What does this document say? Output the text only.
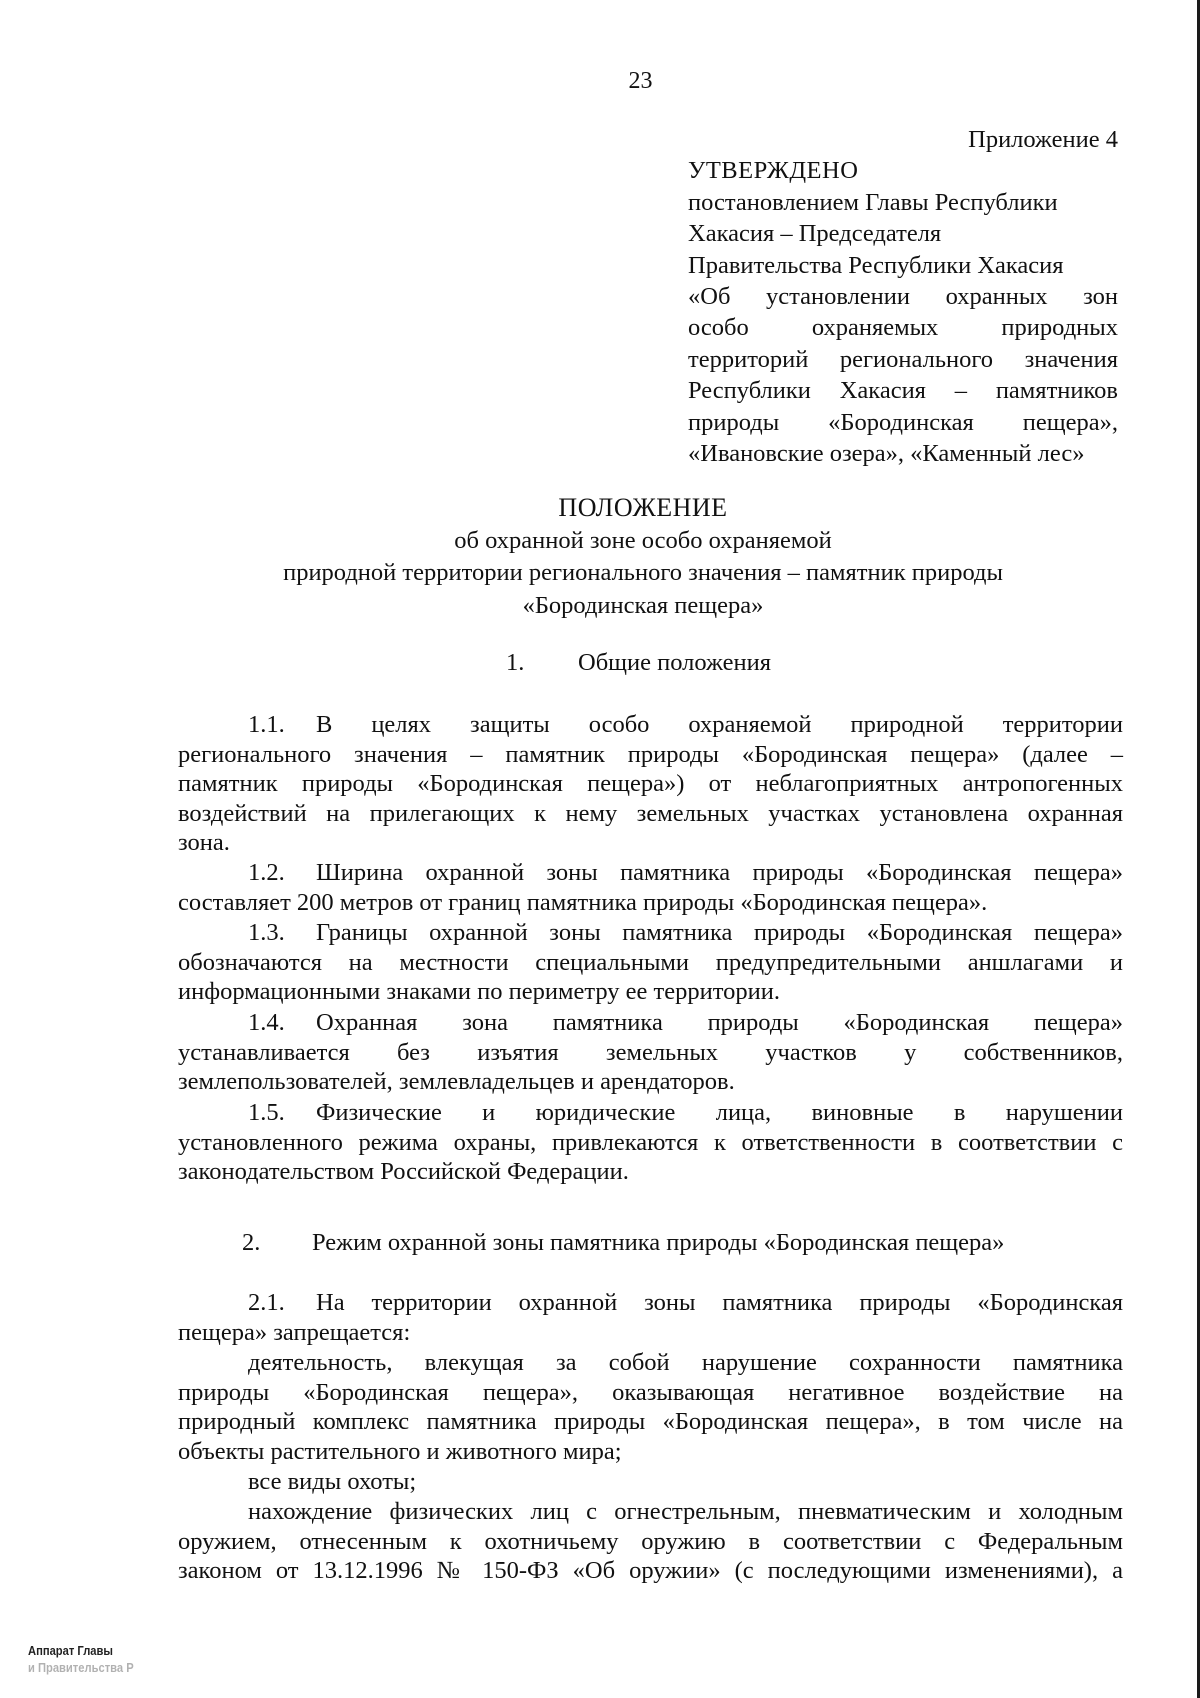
23
Приложение 4
УТВЕРЖДЕНО
постановлением Главы Республики
Хакасия – Председателя
Правительства Республики Хакасия
«Об установлении охранных зон
особо охраняемых природных
территорий регионального значения
Республики Хакасия – памятников
природы «Бородинская пещера»,
«Ивановские озера», «Каменный лес»
ПОЛОЖЕНИЕ
об охранной зоне особо охраняемой
природной территории регионального значения – памятник природы
«Бородинская пещера»
1. Общие положения
1.1. В целях защиты особо охраняемой природной территории
регионального значения – памятник природы «Бородинская пещера» (далее –
памятник природы «Бородинская пещера») от неблагоприятных антропогенных
воздействий на прилегающих к нему земельных участках установлена охранная
зона.
1.2. Ширина охранной зоны памятника природы «Бородинская пещера»
составляет 200 метров от границ памятника природы «Бородинская пещера».
1.3. Границы охранной зоны памятника природы «Бородинская пещера»
обозначаются на местности специальными предупредительными аншлагами и
информационными знаками по периметру ее территории.
1.4. Охранная зона памятника природы «Бородинская пещера»
устанавливается без изъятия земельных участков у собственников,
землепользователей, землевладельцев и арендаторов.
1.5. Физические и юридические лица, виновные в нарушении
установленного режима охраны, привлекаются к ответственности в соответствии с
законодательством Российской Федерации.
2. Режим охранной зоны памятника природы «Бородинская пещера»
2.1. На территории охранной зоны памятника природы «Бородинская
пещера» запрещается:
деятельность, влекущая за собой нарушение сохранности памятника
природы «Бородинская пещера», оказывающая негативное воздействие на
природный комплекс памятника природы «Бородинская пещера», в том числе на
объекты растительного и животного мира;
все виды охоты;
нахождение физических лиц с огнестрельным, пневматическим и холодным
оружием, отнесенным к охотничьему оружию в соответствии с Федеральным
законом от 13.12.1996 № 150-ФЗ «Об оружии» (с последующими изменениями), а
Аппарат Главы
и Правительства Р
